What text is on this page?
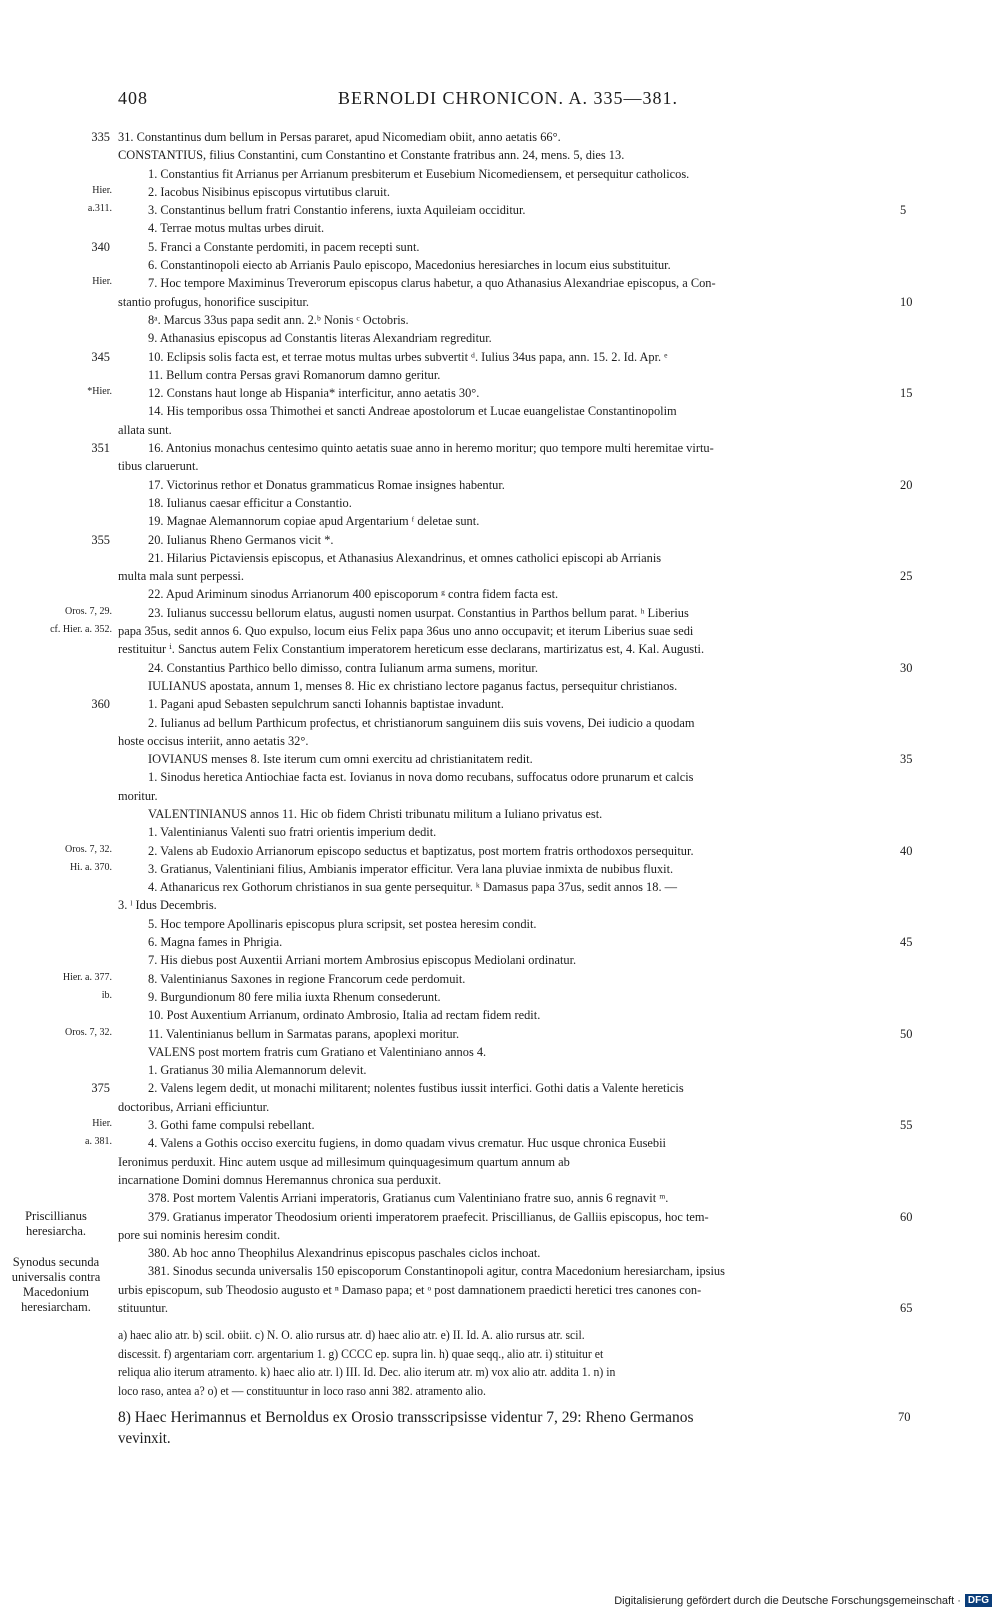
408	BERNOLDI CHRONICON. A. 335—381.
335 31. Constantinus dum bellum in Persas pararet, apud Nicomediam obiit, anno aetatis 66°.
CONSTANTIUS, filius Constantini, cum Constantino et Constante fratribus ann. 24, mens. 5, dies 13.
1. Constantius fit Arrianus per Arrianum presbiterum et Eusebium Nicomediensem, et persequitur catholicos.
Hier.	2. Iacobus Nisibinus episcopus virtutibus claruit.
a.311.	3. Constantinus bellum fratri Constantio inferens, iuxta Aquileiam occiditur.	5
4. Terrae motus multas urbes diruit.
340	5. Franci a Constante perdomiti, in pacem recepti sunt.
6. Constantinopoli eiecto ab Arrianis Paulo episcopo, Macedonius heresiarches in locum eius substituitur.
Hier.	7. Hoc tempore Maximinus Treverorum episcopus clarus habetur, a quo Athanasius Alexandriae episcopus, a Con-
stantio profugus, honorifice suscipitur.	10
8ᵃ. Marcus 33us papa sedit ann. 2.ᵇ Nonis ᶜ Octobris.
9. Athanasius episcopus ad Constantis literas Alexandriam regreditur.
345	10. Eclipsis solis facta est, et terrae motus multas urbes subvertit ᵈ. Iulius 34us papa, ann. 15. 2. Id. Apr. ᵉ
11. Bellum contra Persas gravi Romanorum damno geritur.
*Hier.	12. Constans haut longe ab Hispania* interficitur, anno aetatis 30°.	15
14. His temporibus ossa Thimothei et sancti Andreae apostolorum et Lucae euangelistae Constantinopolim
allata sunt.
351	16. Antonius monachus centesimo quinto aetatis suae anno in heremo moritur; quo tempore multi heremitae virtu-
tibus claruerunt.
17. Victorinus rethor et Donatus grammaticus Romae insignes habentur.	20
18. Iulianus caesar efficitur a Constantio.
19. Magnae Alemannorum copiae apud Argentarium ᶠ deletae sunt.
355	20. Iulianus Rheno Germanos vicit *.
21. Hilarius Pictaviensis episcopus, et Athanasius Alexandrinus, et omnes catholici episcopi ab Arrianis
multa mala sunt perpessi.	25
22. Apud Ariminum sinodus Arrianorum 400 episcoporum ᵍ contra fidem facta est.
Oros. 7, 29.	23. Iulianus successu bellorum elatus, augusti nomen usurpat. Constantius in Parthos bellum parat. ʰ Liberius
cf. Hier. a. 352. papa 35us, sedit annos 6. Quo expulso, locum eius Felix papa 36us uno anno occupavit; et iterum Liberius suae sedi
restituitur ⁱ. Sanctus autem Felix Constantium imperatorem hereticum esse declarans, martirizatus est, 4. Kal. Augusti.
24. Constantius Parthico bello dimisso, contra Iulianum arma sumens, moritur.	30
IULIANUS apostata, annum 1, menses 8. Hic ex christiano lectore paganus factus, persequitur christianos.
360	1. Pagani apud Sebasten sepulchrum sancti Iohannis baptistae invadunt.
2. Iulianus ad bellum Parthicum profectus, et christianorum sanguinem diis suis vovens, Dei iudicio a quodam
hoste occisus interiit, anno aetatis 32°.
IOVIANUS menses 8. Iste iterum cum omni exercitu ad christianitatem redit.	35
1. Sinodus heretica Antiochiae facta est. Iovianus in nova domo recubans, suffocatus odore prunarum et calcis
moritur.
VALENTINIANUS annos 11. Hic ob fidem Christi tribunatu militum a Iuliano privatus est.
1. Valentinianus Valenti suo fratri orientis imperium dedit.
Oros. 7, 32.	2. Valens ab Eudoxio Arrianorum episcopo seductus et baptizatus, post mortem fratris orthodoxos persequitur.	40
Hi. a. 370.	3. Gratianus, Valentiniani filius, Ambianis imperator efficitur. Vera lana pluviae inmixta de nubibus fluxit.
4. Athanaricus rex Gothorum christianos in sua gente persequitur. ᵏ Damasus papa 37us, sedit annos 18. —
3. ˡ Idus Decembris.
5. Hoc tempore Apollinaris episcopus plura scripsit, set postea heresim condit.
6. Magna fames in Phrigia.	45
7. His diebus post Auxentii Arriani mortem Ambrosius episcopus Mediolani ordinatur.
Hier. a. 377.	8. Valentinianus Saxones in regione Francorum cede perdomuit.
ib.	9. Burgundionum 80 fere milia iuxta Rhenum consederunt.
10. Post Auxentium Arrianum, ordinato Ambrosio, Italia ad rectam fidem redit.
Oros. 7, 32.	11. Valentinianus bellum in Sarmatas parans, apoplexi moritur.	50
VALENS post mortem fratris cum Gratiano et Valentiniano annos 4.
1. Gratianus 30 milia Alemannorum delevit.
375	2. Valens legem dedit, ut monachi militarent; nolentes fustibus iussit interfici. Gothi datis a Valente hereticis
doctoribus, Arriani efficiuntur.
Hier.	3. Gothi fame compulsi rebellant.	55
a. 381.	4. Valens a Gothis occiso exercitu fugiens, in domo quadam vivus crematur. Huc usque chronica Eusebii
Ieronimus perduxit. Hinc autem usque ad millesimum quinquagesimum quartum annum ab
incarnatione Domini domnus Heremannus chronica sua perduxit.
378. Post mortem Valentis Arriani imperatoris, Gratianus cum Valentiniano fratre suo, annis 6 regnavit ᵐ.
379. Gratianus imperator Theodosium orienti imperatorem praefecit. Priscillianus, de Galliis episcopus, hoc tem-	60
pore sui nominis heresim condit.
380. Ab hoc anno Theophilus Alexandrinus episcopus paschales ciclos inchoat.
381. Sinodus secunda universalis 150 episcoporum Constantinopoli agitur, contra Macedonium heresiarcham, ipsius
urbis episcopum, sub Theodosio augusto et ⁿ Damaso papa; et ᵒ post damnationem praedicti heretici tres canones con-
stituuntur.	65
Priscillianus heresiarcha.
Synodus secunda universalis contra Macedonium heresiarcham.
a) haec alio atr. b) scil. obiit. c) N. O. alio rursus atr. d) haec alio atr. e) II. Id. A. alio rursus atr. scil. discessit. f) argentariam corr. argentarium 1. g) CCCC ep. supra lin. h) quae seqq., alio atr. i) stituitur et reliqua alio iterum atramento. k) haec alio atr. l) III. Id. Dec. alio iterum atr. m) vox alio atr. addita 1. n) in loco raso, antea a? o) et — constituuntur in loco raso anni 382. atramento alio.
8) Haec Herimannus et Bernoldus ex Orosio transscripsisse videntur 7, 29: Rheno Germanos	70
vevinxit.
Digitalisierung gefördert durch die Deutsche Forschungsgemeinschaft · DFG
